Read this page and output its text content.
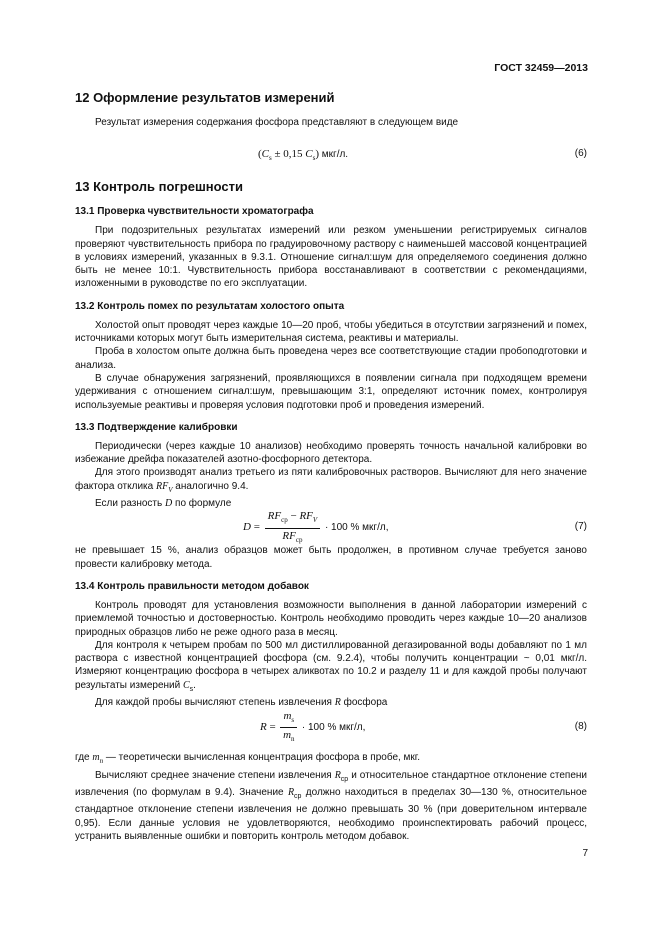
ГОСТ 32459—2013
12 Оформление результатов измерений

Результат измерения содержания фосфора представляют в следующем виде

($C_s \pm 0,15$ $C_s$) мкг/л.	(6)
13 Контроль погрешности
13.1 Проверка чувствительности хроматографа

При подозрительных результатах измерений или резком уменьшении регистрируемых сигналов проверяют чувствительность прибора по градуировочному раствору с наименьшей массовой концентрацией в условиях измерений, указанных в 9.3.1. Отношение сигнал:шум для определяемого соединения должно быть не менее 10:1. Чувствительность прибора восстанавливают в соответствии с рекомендациями, изложенными в руководстве по его эксплуатации.

13.2 Контроль помех по результатам холостого опыта

Холостой опыт проводят через каждые 10—20 проб, чтобы убедиться в отсутствии загрязнений и помех, источниками которых могут быть измерительная система, реактивы и материалы.

Проба в холостом опыте должна быть проведена через все соответствующие стадии пробоподготовки и анализа.

В случае обнаружения загрязнений, проявляющихся в появлении сигнала при подходящем времени удерживания с отношением сигнал:шум, превышающим 3:1, определяют источник помех, контролируя используемые реактивы и проверяя условия подготовки проб и проведения измерений.

13.3 Подтверждение калибровки

Периодически (через каждые 10 анализов) необходимо проверять точность начальной калибровки во избежание дрейфа показателей азотно-фосфорного детектора.

Для этого производят анализ третьего из пяти калибровочных растворов. Вычисляют для него значение фактора отклика $RF_V$ аналогично 9.4.

Если разность D по формуле

$D = \frac{RF_{ср} - RF_V}{RF_{ср}} \cdot 100$ % мкг/л,	(7)

не превышает 15 %, анализ образцов может быть продолжен, в противном случае требуется заново провести калибровку метода.

13.4 Контроль правильности методом добавок

Контроль проводят для установления возможности выполнения в данной лаборатории измерений с приемлемой точностью и достоверностью. Контроль необходимо проводить через каждые 10—20 анализов природных образцов либо не реже одного раза в месяц.

Для контроля к четырем пробам по 500 мл дистиллированной дегазированной воды добавляют по 1 мл раствора с известной концентрацией фосфора (см. 9.2.4), чтобы получить концентрации ~ 0,01 мкг/л. Измеряют концентрацию фосфора в четырех аликвотах по 10.2 и разделу 11 и для каждой пробы получают результаты измерений $C_s$.

Для каждой пробы вычисляют степень извлечения R фосфора

$R = \frac{m_s}{m_n} \cdot 100$ % мкг/л,	(8)

где $m_n$ — теоретически вычисленная концентрация фосфора в пробе, мкг.

Вычисляют среднее значение степени извлечения $R_{ср}$ и относительное стандартное отклонение степени извлечения (по формулам в 9.4). Значение $R_{ср}$ должно находиться в пределах 30—130 %, относительное стандартное отклонение степени извлечения не должно превышать 30 % (при доверительном интервале 0,95). Если данные условия не удовлетворяются, необходимо проинспектировать рабочий процесс, устранить выявленные ошибки и повторить контроль методом добавок.

7
